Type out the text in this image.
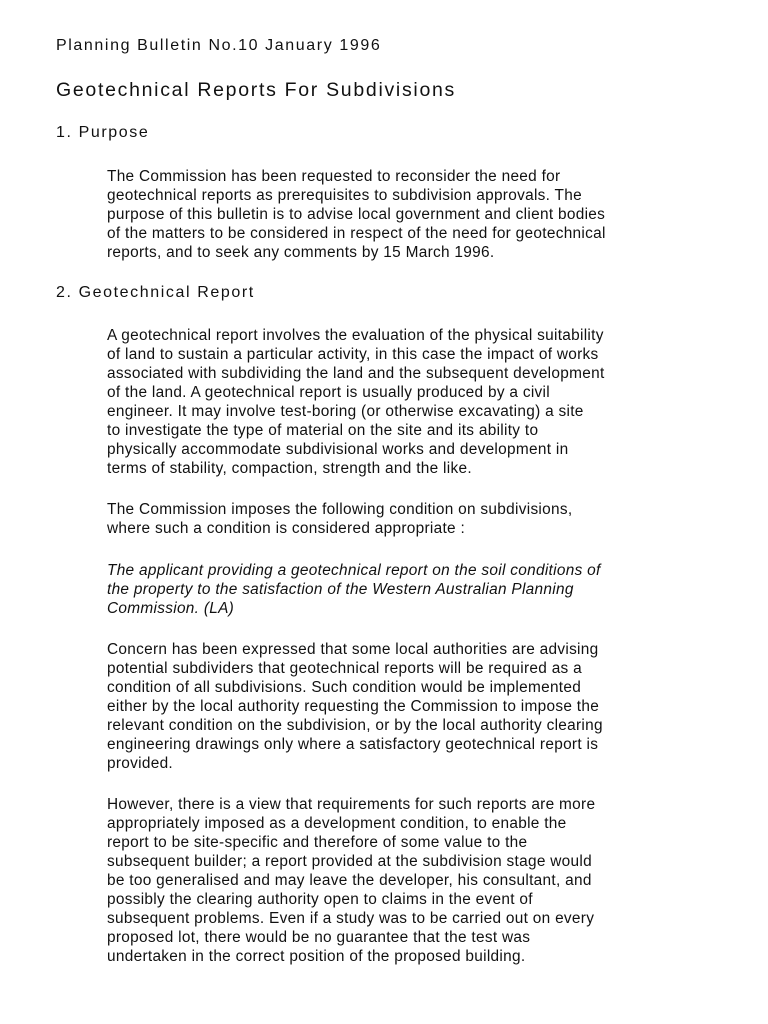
Planning Bulletin No.10 January 1996
Geotechnical Reports For Subdivisions
1. Purpose

The Commission has been requested to reconsider the need for
geotechnical reports as prerequisites to subdivision approvals. The
purpose of this bulletin is to advise local government and client bodies
of the matters to be considered in respect of the need for geotechnical
reports, and to seek any comments by 15 March 1996.

2. Geotechnical Report

A geotechnical report involves the evaluation of the physical suitability
of land to sustain a particular activity, in this case the impact of works
associated with subdividing the land and the subsequent development
of the land. A geotechnical report is usually produced by a civil
engineer. It may involve test-boring (or otherwise excavating) a site
to investigate the type of material on the site and its ability to
physically accommodate subdivisional works and development in
terms of stability, compaction, strength and the like.

The Commission imposes the following condition on subdivisions,
where such a condition is considered appropriate :

The applicant providing a geotechnical report on the soil conditions of
the property to the satisfaction of the Western Australian Planning
Commission. (LA)

Concern has been expressed that some local authorities are advising
potential subdividers that geotechnical reports will be required as a
condition of all subdivisions. Such condition would be implemented
either by the local authority requesting the Commission to impose the
relevant condition on the subdivision, or by the local authority clearing
engineering drawings only where a satisfactory geotechnical report is
provided.

However, there is a view that requirements for such reports are more
appropriately imposed as a development condition, to enable the
report to be site-specific and therefore of some value to the
subsequent builder; a report provided at the subdivision stage would
be too generalised and may leave the developer, his consultant, and
possibly the clearing authority open to claims in the event of
subsequent problems. Even if a study was to be carried out on every
proposed lot, there would be no guarantee that the test was
undertaken in the correct position of the proposed building.
